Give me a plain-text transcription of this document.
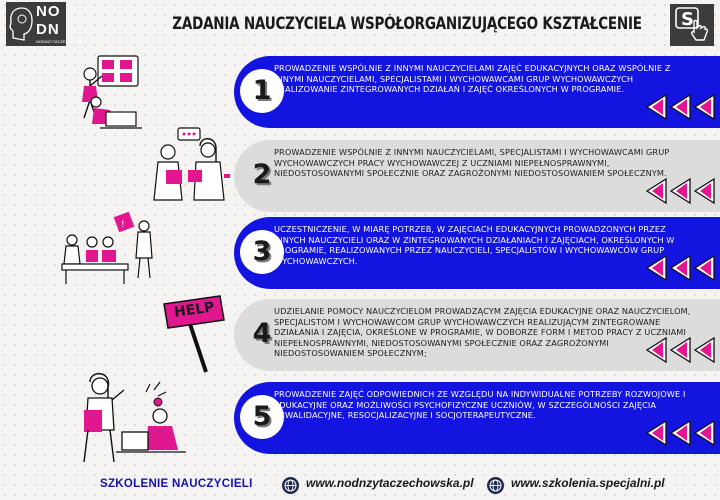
NO
DN
NODNZYTACZECHOWSKA
ZADANIA NAUCZYCIELA WSPÓŁORGANIZUJĄCEGO KSZTAŁCENIE S
1
PROWADZENIE WSPÓLNIE Z INNYMI NAUCZYCIELAMI ZAJĘĆ EDUKACYJNYCH ORAZ WSPÓLNIE Z INNYMI NAUCZYCIELAMI, SPECJALISTAMI I WYCHOWAWCAMI GRUP WYCHOWAWCZYCH REALIZOWANIE ZINTEGROWANYCH DZIAŁAŃ I ZAJĘĆ OKREŚLONYCH W PROGRAMIE.
2
PROWADZENIE WSPÓLNIE Z INNYMI NAUCZYCIELAMI, SPECJALISTAMI I WYCHOWAWCAMI GRUP WYCHOWAWCZYCH PRACY WYCHOWAWCZEJ Z UCZNIAMI NIEPEŁNOSPRAWNYMI, NIEDOSTOSOWANYMI SPOŁECZNIE ORAZ ZAGROŻONYMI NIEDOSTOSOWANIEM SPOŁECZNYM.
3
UCZESTNICZENIE, W MIARĘ POTRZEB, W ZAJĘCIACH EDUKACYJNYCH PROWADZONYCH PRZEZ INNYCH NAUCZYCIELI ORAZ W ZINTEGROWANYCH DZIAŁANIACH I ZAJĘCIACH, OKREŚLONYCH W PROGRAMIE, REALIZOWANYCH PRZEZ NAUCZYCIELI, SPECJALISTÓW I WYCHOWAWCÓW GRUP WYCHOWAWCZYCH.
4
UDZIELANIE POMOCY NAUCZYCIELOM PROWADZĄCYM ZAJĘCIA EDUKACYJNE ORAZ NAUCZYCIELOM, SPECJALISTOM I WYCHOWAWCOM GRUP WYCHOWAWCZYCH REALIZUJĄCYM ZINTEGROWANE DZIAŁANIA I ZAJĘCIA, OKREŚLONE W PROGRAMIE, W DOBORZE FORM I METOD PRACY Z UCZNIAMI NIEPEŁNOSPRAWNYMI, NIEDOSTOSOWANYMI SPOŁECZNIE ORAZ ZAGROŻONYMI NIEDOSTOSOWANIEM SPOŁECZNYM;
5
PROWADZENIE ZAJĘĆ ODPOWIEDNICH ZE WZGLĘDU NA INDYWIDUALNE POTRZEBY ROZWOJOWE I EDUKACYJNE ORAZ MOŻLIWOŚCI PSYCHOFIZYCZNE UCZNIÓW, W SZCZEGÓLNOŚCI ZAJĘCIA REWALIDACYJNE, RESOCJALIZACYJNE I SOCJOTERAPEUTYCZNE.
!
HELP
SZKOLENIE NAUCZYCIELI	www.nodnzytaczechowska.pl	www.szkolenia.specjalni.pl
